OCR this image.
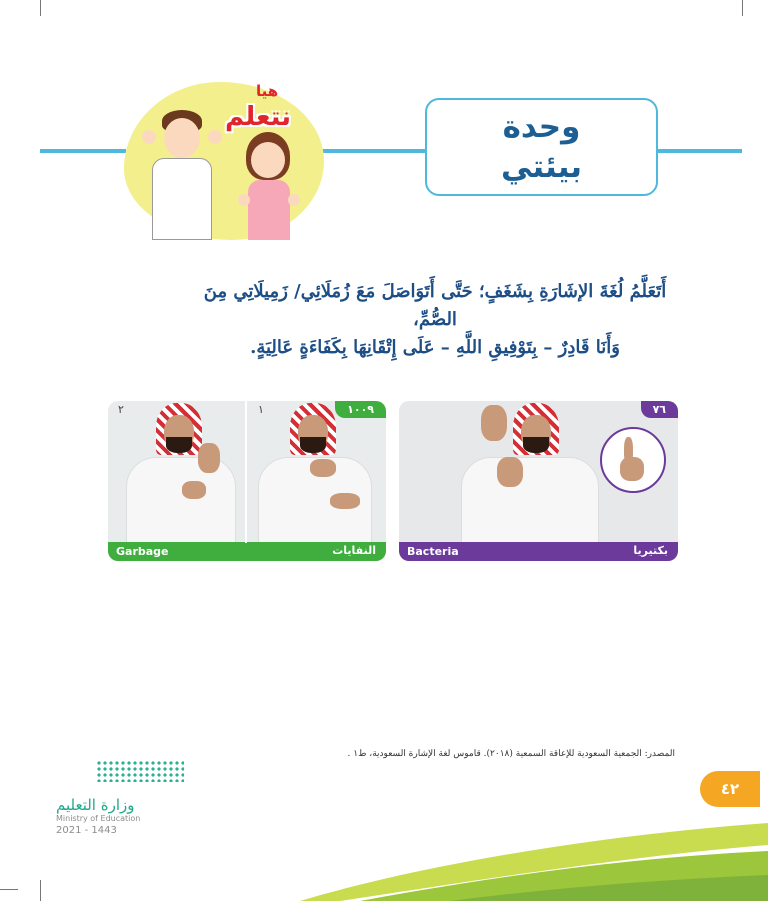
وحدة
بيئتي
هيا
نتعلم
أَتَعَلَّمُ لُغَةَ الإشَارَةِ بِشَغَفٍ؛ حَتَّى أَتَوَاصَلَ مَعَ زُمَلَائِي/ زَمِيلَاتِي مِنَ الصُّمِّ،
وَأَنَا قَادِرٌ – بِتَوْفِيقِ اللَّهِ – عَلَى إِتْقَانِهَا بِكَفَاءَةٍ عَالِيَةٍ.
٢	١	١٠٠٩
Garbage	النفايات
٧٦
Bacteria	بكتيريا
المصدر: الجمعية السعودية للإعاقة السمعية (٢٠١٨). قاموس لغة الإشارة السعودية، ط١ .
٤٢
وزارة التعليم
Ministry of Education
2021 - 1443
